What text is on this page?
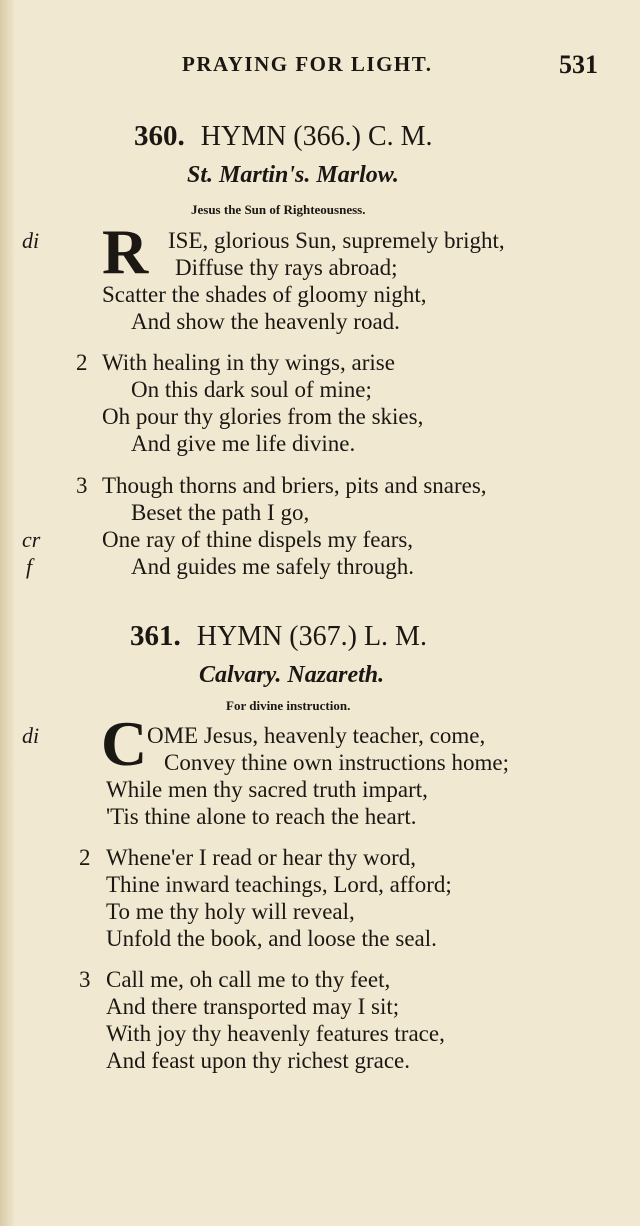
PRAYING FOR LIGHT.	531
360. HYMN (366.) C. M.
St. Martin's. Marlow.
Jesus the Sun of Righteousness.
di R ISE, glorious Sun, supremely bright,
Diffuse thy rays abroad;
Scatter the shades of gloomy night,
And show the heavenly road.
2 With healing in thy wings, arise
On this dark soul of mine;
Oh pour thy glories from the skies,
And give me life divine.
3 Though thorns and briers, pits and snares,
Beset the path I go,
cr	One ray of thine dispels my fears,
f	And guides me safely through.
361. HYMN (367.) L. M.
Calvary. Nazareth.
For divine instruction.
di C OME Jesus, heavenly teacher, come,
Convey thine own instructions home;
While men thy sacred truth impart,
'Tis thine alone to reach the heart.
2 Whene'er I read or hear thy word,
Thine inward teachings, Lord, afford;
To me thy holy will reveal,
Unfold the book, and loose the seal.
3 Call me, oh call me to thy feet,
And there transported may I sit;
With joy thy heavenly features trace,
And feast upon thy richest grace.
